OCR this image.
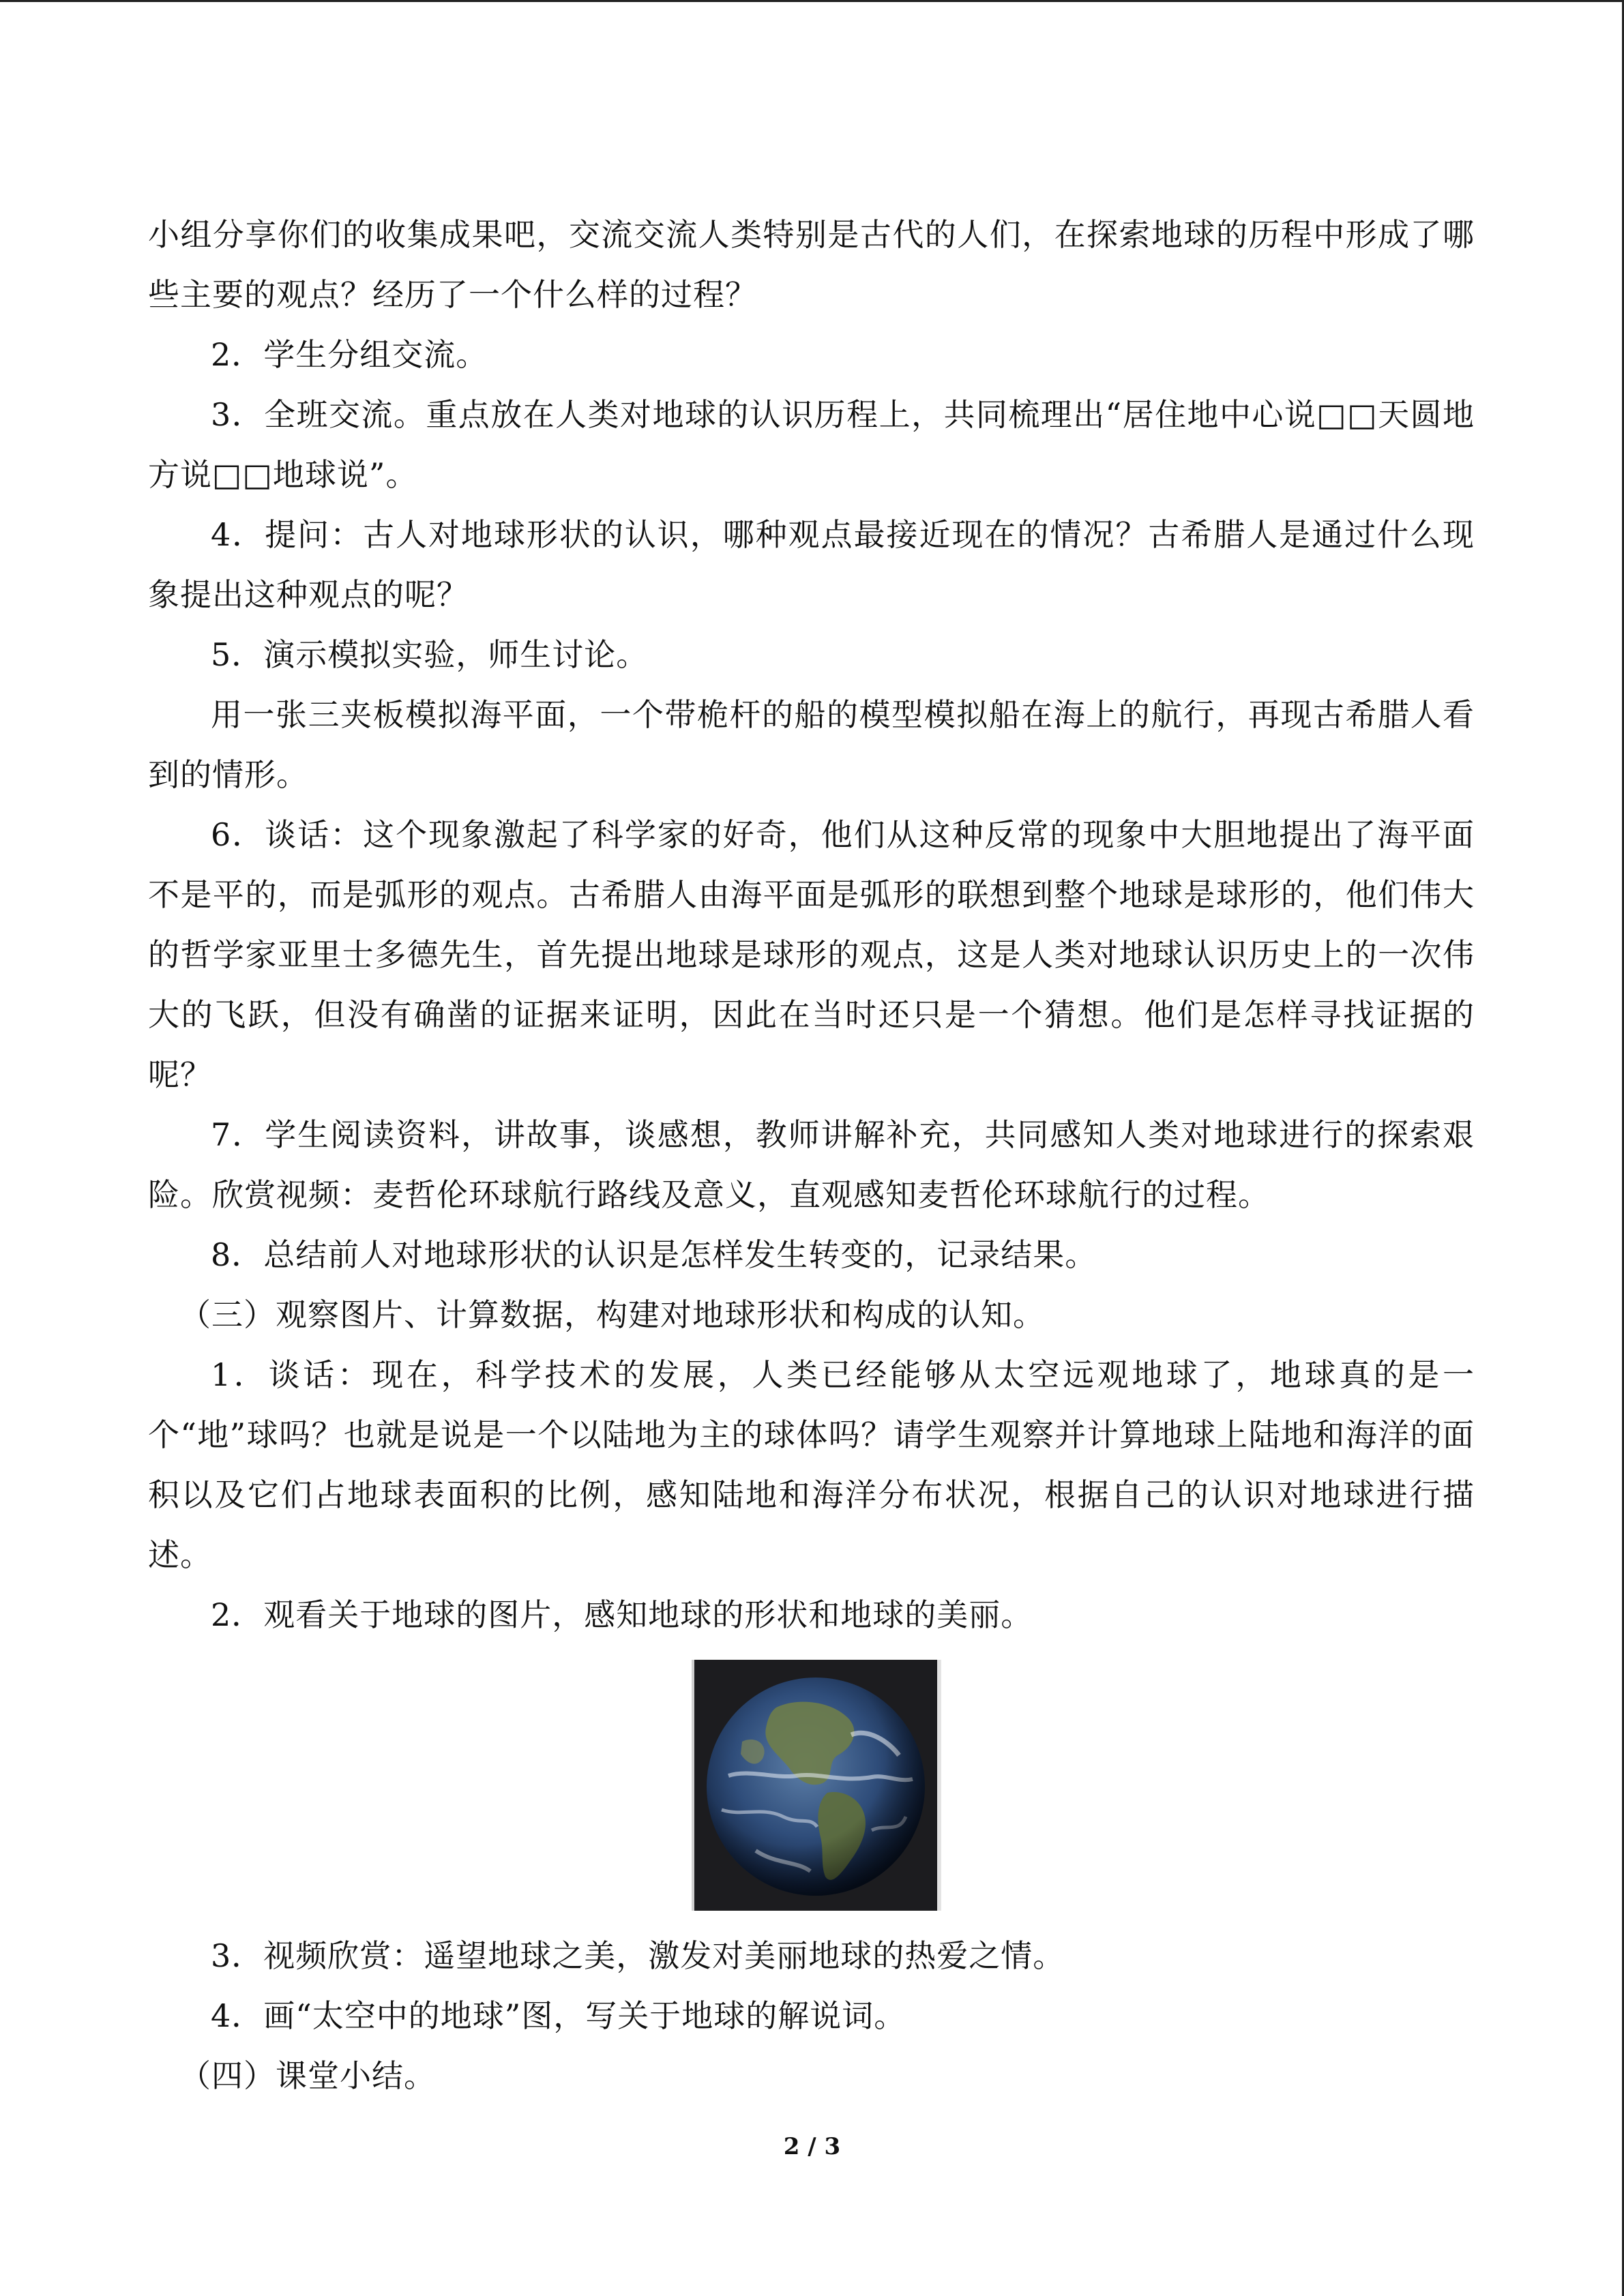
小组分享你们的收集成果吧，交流交流人类特别是古代的人们，在探索地球的历程中形成了哪些主要的观点？经历了一个什么样的过程？

2．学生分组交流。

3．全班交流。重点放在人类对地球的认识历程上，共同梳理出“居住地中心说□□天圆地方说□□地球说”。

4．提问：古人对地球形状的认识，哪种观点最接近现在的情况？古希腊人是通过什么现象提出这种观点的呢？

5．演示模拟实验，师生讨论。

用一张三夹板模拟海平面，一个带桅杆的船的模型模拟船在海上的航行，再现古希腊人看到的情形。

6．谈话：这个现象激起了科学家的好奇，他们从这种反常的现象中大胆地提出了海平面不是平的，而是弧形的观点。古希腊人由海平面是弧形的联想到整个地球是球形的，他们伟大的哲学家亚里士多德先生，首先提出地球是球形的观点，这是人类对地球认识历史上的一次伟大的飞跃，但没有确凿的证据来证明，因此在当时还只是一个猜想。他们是怎样寻找证据的呢？

7．学生阅读资料，讲故事，谈感想，教师讲解补充，共同感知人类对地球进行的探索艰险。欣赏视频：麦哲伦环球航行路线及意义，直观感知麦哲伦环球航行的过程。

8．总结前人对地球形状的认识是怎样发生转变的，记录结果。

（三）观察图片、计算数据，构建对地球形状和构成的认知。

1．谈话：现在，科学技术的发展，人类已经能够从太空远观地球了，地球真的是一个“地”球吗？也就是说是一个以陆地为主的球体吗？请学生观察并计算地球上陆地和海洋的面积以及它们占地球表面积的比例，感知陆地和海洋分布状况，根据自己的认识对地球进行描述。

2．观看关于地球的图片，感知地球的形状和地球的美丽。

3．视频欣赏：遥望地球之美，激发对美丽地球的热爱之情。

4．画“太空中的地球”图，写关于地球的解说词。

（四）课堂小结。

2 / 3
